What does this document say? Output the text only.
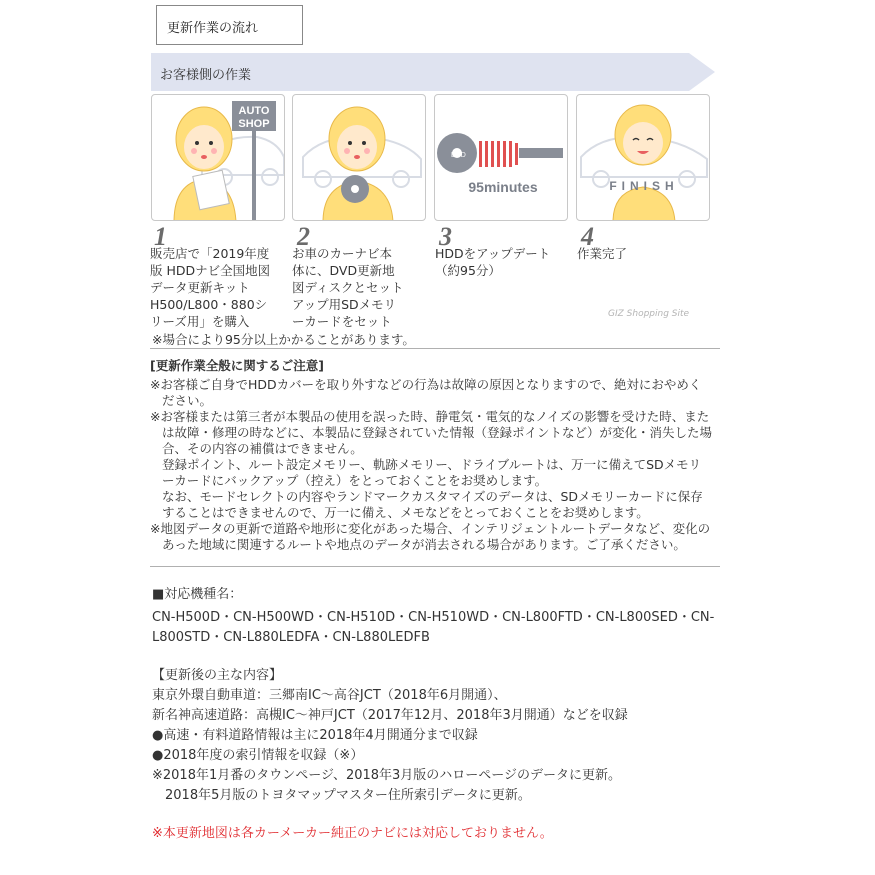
更新作業の流れ
お客様側の作業
AUTO
SHOP
DVD
95minutes	FINISH
1	2	3	4
販売店で「2019年度版 HDDナビ全国地図データ更新キット H500/L800・880シリーズ用」を購入
お車のカーナビ本体に、DVD更新地図ディスクとセットアップ用SDメモリーカードをセット
HDDをアップデート（約95分）
作業完了
GIZ Shopping Site
※場合により95分以上かかることがあります。
[更新作業全般に関するご注意]
※お客様ご自身でHDDカバーを取り外すなどの行為は故障の原因となりますので、絶対におやめく
ださい。
※お客様または第三者が本製品の使用を誤った時、静電気・電気的なノイズの影響を受けた時、また
は故障・修理の時などに、本製品に登録されていた情報（登録ポイントなど）が変化・消失した場
合、その内容の補償はできません。
登録ポイント、ルート設定メモリー、軌跡メモリー、ドライブルートは、万一に備えてSDメモリ
ーカードにバックアップ（控え）をとっておくことをお奨めします。
なお、モードセレクトの内容やランドマークカスタマイズのデータは、SDメモリーカードに保存
することはできませんので、万一に備え、メモなどをとっておくことをお奨めします。
※地図データの更新で道路や地形に変化があった場合、インテリジェントルートデータなど、変化の
あった地域に関連するルートや地点のデータが消去される場合があります。ご了承ください。
■対応機種名：
CN-H500D・CN-H500WD・CN-H510D・CN-H510WD・CN-L800FTD・CN-L800SED・CN-
L800STD・CN-L880LEDFA・CN-L880LEDFB
【更新後の主な内容】
東京外環自動車道：三郷南IC～高谷JCT（2018年6月開通）、
新名神高速道路：高槻IC～神戸JCT（2017年12月、2018年3月開通）などを収録
●高速・有料道路情報は主に2018年4月開通分まで収録
●2018年度の索引情報を収録（※）
※2018年1月番のタウンページ、2018年3月版のハローページのデータに更新。
　2018年5月版のトヨタマップマスター住所索引データに更新。
※本更新地図は各カーメーカー純正のナビには対応しておりません。
